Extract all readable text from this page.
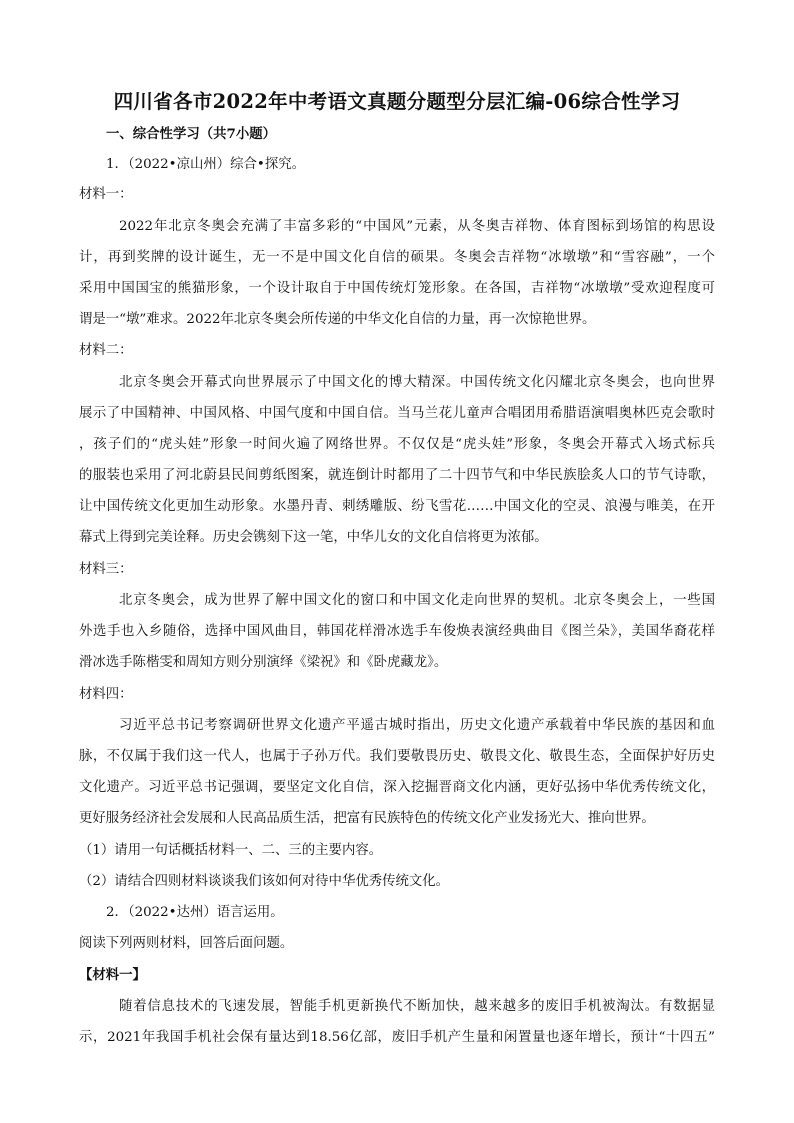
四川省各市2022年中考语文真题分题型分层汇编-06综合性学习
一、综合性学习（共7小题）
1．（2022•凉山州）综合•探究。
材料一：
2022年北京冬奥会充满了丰富多彩的“中国风”元素，从冬奥吉祥物、体育图标到场馆的构思设
计，再到奖牌的设计诞生，无一不是中国文化自信的硕果。冬奥会吉祥物“冰墩墩”和“雪容融”，一个
采用中国国宝的熊猫形象，一个设计取自于中国传统灯笼形象。在各国，吉祥物“冰墩墩”受欢迎程度可
谓是一“墩”难求。2022年北京冬奥会所传递的中华文化自信的力量，再一次惊艳世界。
材料二：
北京冬奥会开幕式向世界展示了中国文化的博大精深。中国传统文化闪耀北京冬奥会，也向世界
展示了中国精神、中国风格、中国气度和中国自信。当马兰花儿童声合唱团用希腊语演唱奥林匹克会歌时
，孩子们的“虎头娃”形象一时间火遍了网络世界。不仅仅是“虎头娃”形象，冬奥会开幕式入场式标兵
的服装也采用了河北蔚县民间剪纸图案，就连倒计时都用了二十四节气和中华民族脍炙人口的节气诗歌，
让中国传统文化更加生动形象。水墨丹青、刺绣雕版、纷飞雪花……中国文化的空灵、浪漫与唯美，在开
幕式上得到完美诠释。历史会镌刻下这一笔，中华儿女的文化自信将更为浓郁。
材料三：
北京冬奥会，成为世界了解中国文化的窗口和中国文化走向世界的契机。北京冬奥会上，一些国
外选手也入乡随俗，选择中国风曲目，韩国花样滑冰选手车俊焕表演经典曲目《图兰朵》，美国华裔花样
滑冰选手陈楷雯和周知方则分别演绎《梁祝》和《卧虎藏龙》。
材料四：
习近平总书记考察调研世界文化遗产平遥古城时指出，历史文化遗产承载着中华民族的基因和血
脉，不仅属于我们这一代人，也属于子孙万代。我们要敬畏历史、敬畏文化、敬畏生态，全面保护好历史
文化遗产。习近平总书记强调，要坚定文化自信，深入挖掘晋商文化内涵，更好弘扬中华优秀传统文化，
更好服务经济社会发展和人民高品质生活，把富有民族特色的传统文化产业发扬光大、推向世界。
（1）请用一句话概括材料一、二、三的主要内容。
（2）请结合四则材料谈谈我们该如何对待中华优秀传统文化。
2．（2022•达州）语言运用。
阅读下列两则材料，回答后面问题。
【材料一】
随着信息技术的飞速发展，智能手机更新换代不断加快，越来越多的废旧手机被淘汰。有数据显
示，2021年我国手机社会保有量达到18.56亿部，废旧手机产生量和闲置量也逐年增长，预计“十四五”
